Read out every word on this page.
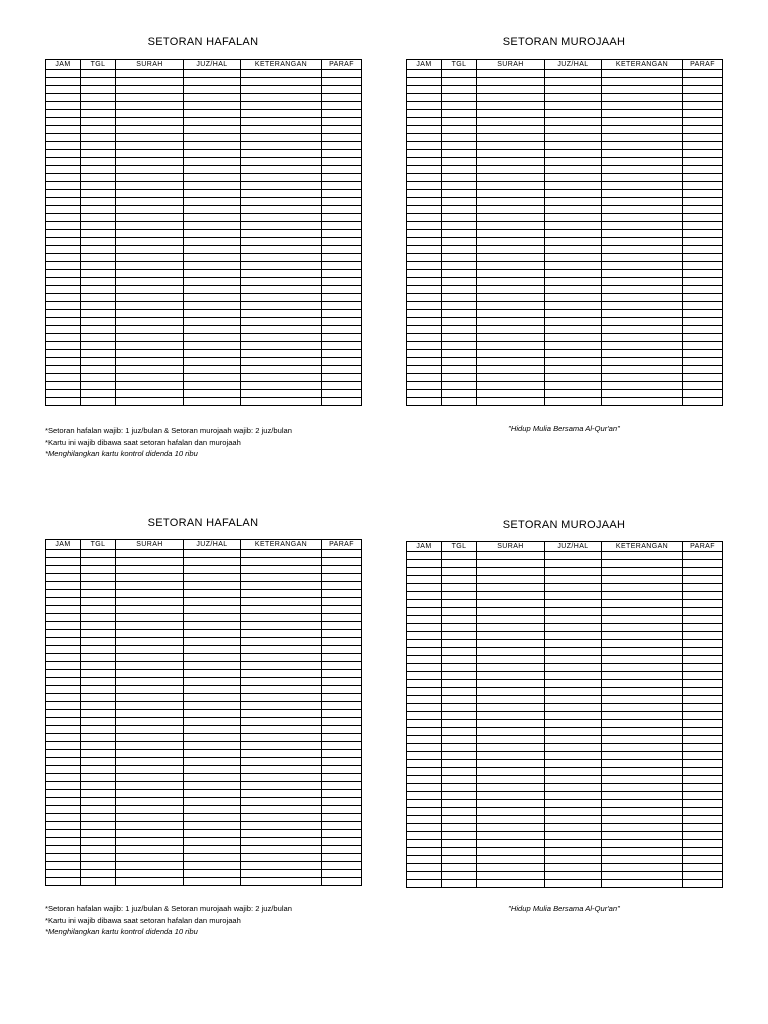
SETORAN HAFALAN
JAM	TGL	SURAH	JUZ/HAL	KETERANGAN	PARAF

*Setoran hafalan wajib: 1 juz/bulan & Setoran murojaah wajib: 2 juz/bulan
*Kartu ini wajib dibawa saat setoran hafalan dan murojaah
*Menghilangkan kartu kontrol didenda 10 ribu
SETORAN MUROJAAH
JAM	TGL	SURAH	JUZ/HAL	KETERANGAN	PARAF

"Hidup Mulia Bersama Al-Qur'an"
SETORAN HAFALAN
JAM	TGL	SURAH	JUZ/HAL	KETERANGAN	PARAF

*Setoran hafalan wajib: 1 juz/bulan & Setoran murojaah wajib: 2 juz/bulan
*Kartu ini wajib dibawa saat setoran hafalan dan murojaah
*Menghilangkan kartu kontrol didenda 10 ribu
SETORAN MUROJAAH
JAM	TGL	SURAH	JUZ/HAL	KETERANGAN	PARAF

"Hidup Mulia Bersama Al-Qur'an"
